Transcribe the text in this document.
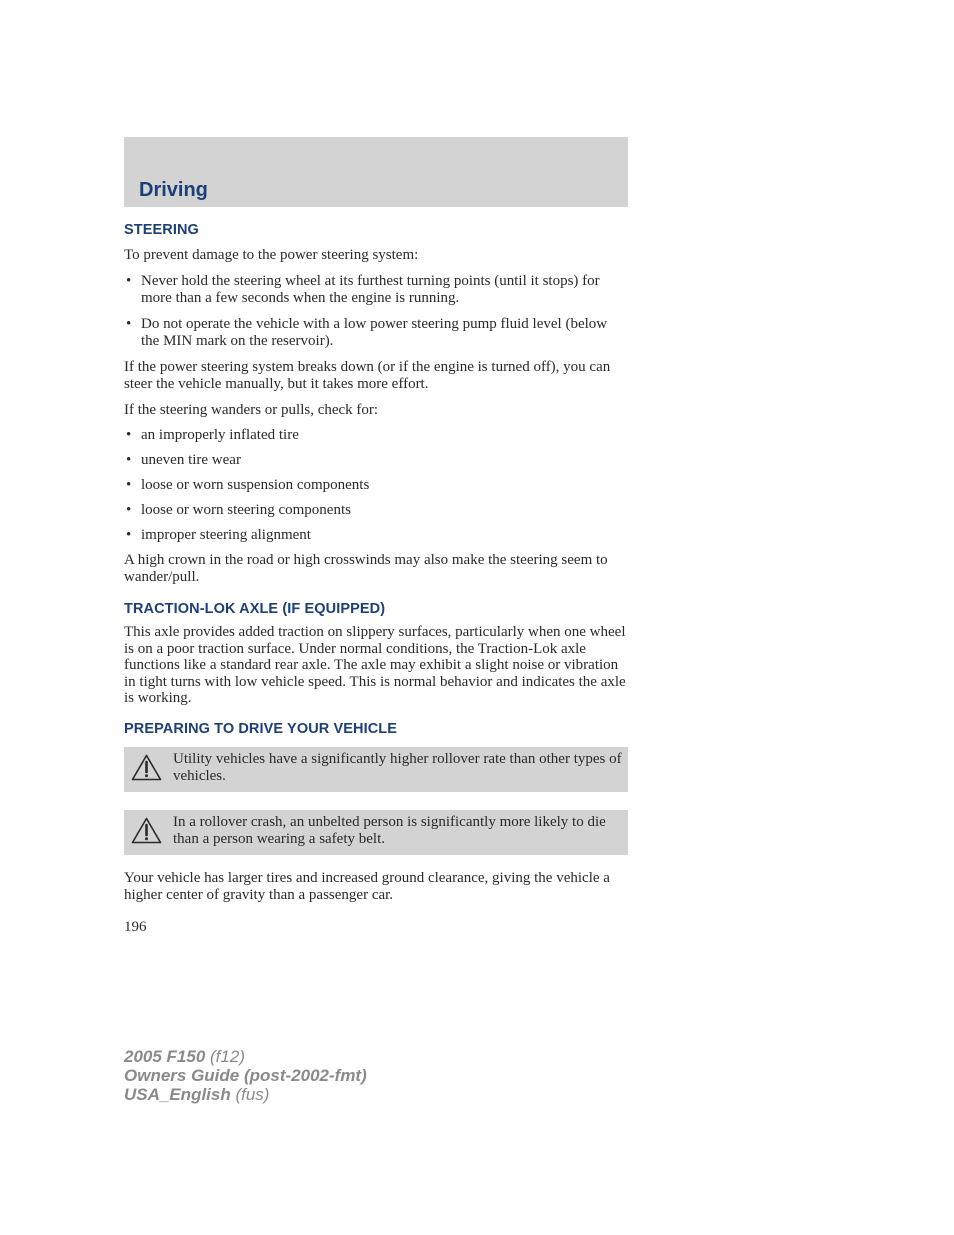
Driving
STEERING

To prevent damage to the power steering system:

• Never hold the steering wheel at its furthest turning points (until it stops) for more than a few seconds when the engine is running.
• Do not operate the vehicle with a low power steering pump fluid level (below the MIN mark on the reservoir).

If the power steering system breaks down (or if the engine is turned off), you can steer the vehicle manually, but it takes more effort.

If the steering wanders or pulls, check for:

• an improperly inflated tire
• uneven tire wear
• loose or worn suspension components
• loose or worn steering components
• improper steering alignment

A high crown in the road or high crosswinds may also make the steering seem to wander/pull.

TRACTION-LOK AXLE (IF EQUIPPED)

This axle provides added traction on slippery surfaces, particularly when one wheel is on a poor traction surface. Under normal conditions, the Traction-Lok axle functions like a standard rear axle. The axle may exhibit a slight noise or vibration in tight turns with low vehicle speed. This is normal behavior and indicates the axle is working.

PREPARING TO DRIVE YOUR VEHICLE
Utility vehicles have a significantly higher rollover rate than other types of vehicles.
In a rollover crash, an unbelted person is significantly more likely to die than a person wearing a safety belt.

Your vehicle has larger tires and increased ground clearance, giving the vehicle a higher center of gravity than a passenger car.

196
2005 F150 (f12)
Owners Guide (post-2002-fmt)
USA_English (fus)
